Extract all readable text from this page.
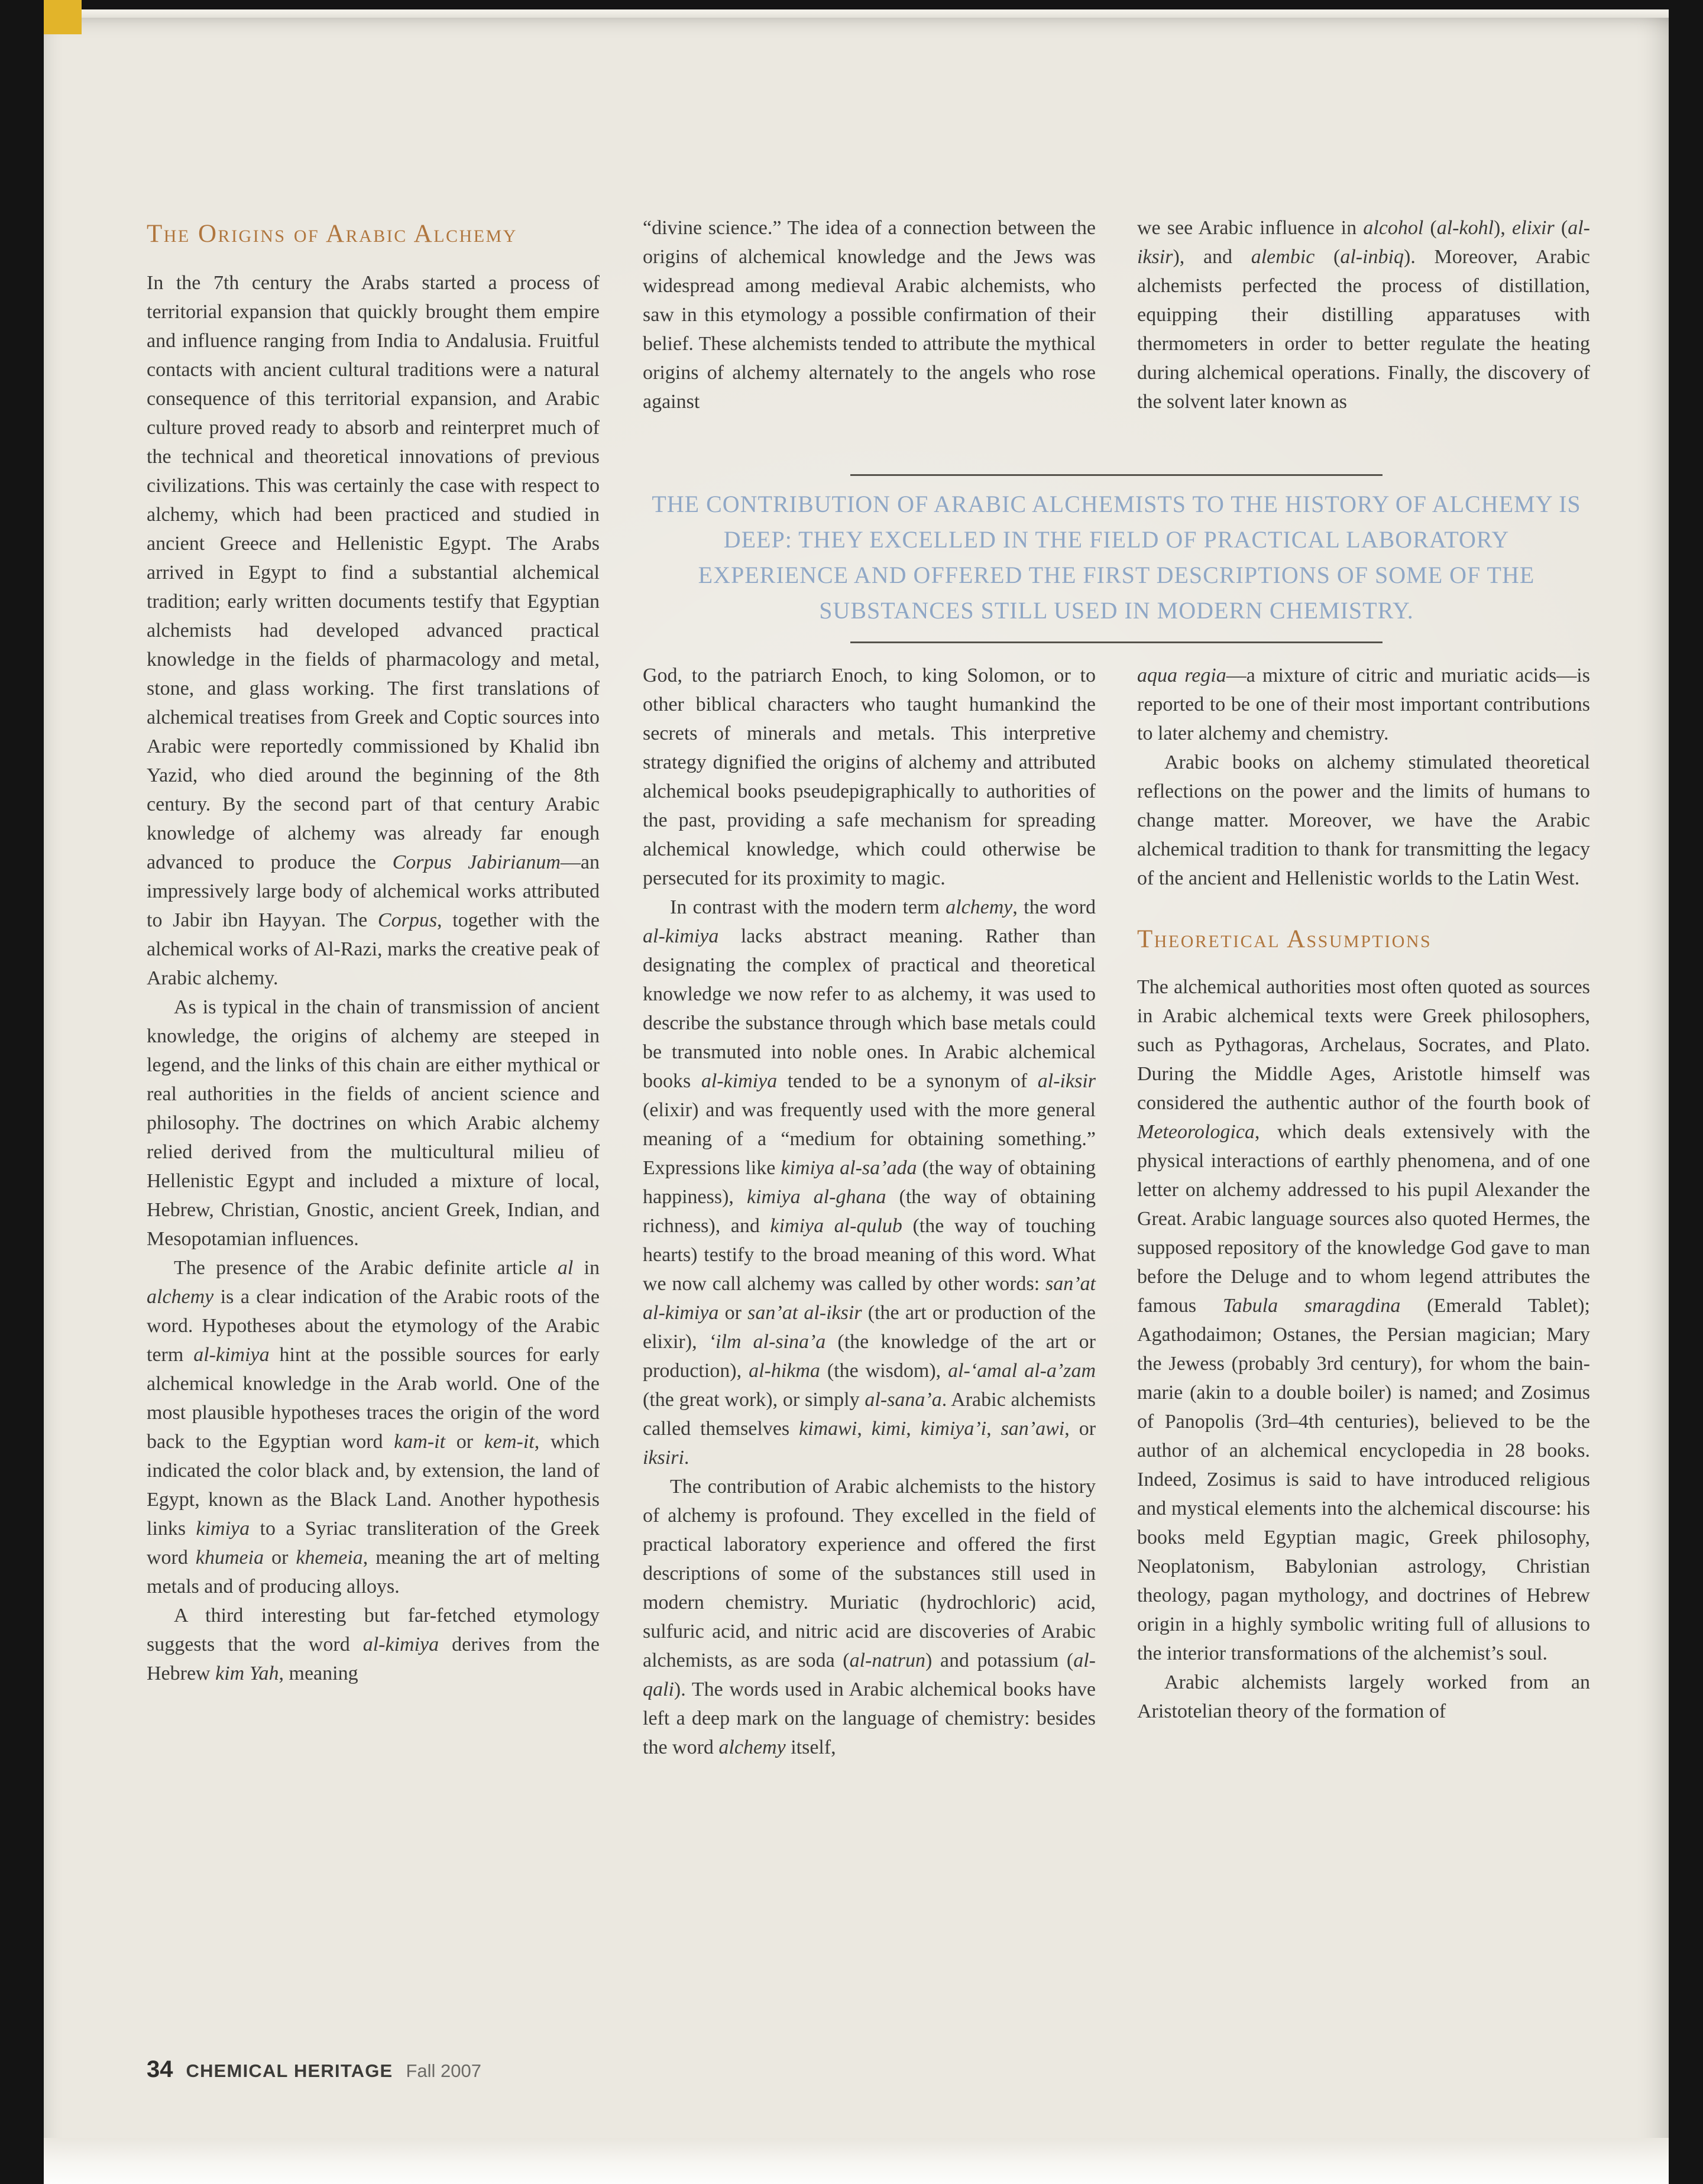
The Origins of Arabic Alchemy

In the 7th century the Arabs started a process of territorial expansion that quickly brought them empire and influence ranging from India to Andalusia. Fruitful contacts with ancient cultural traditions were a natural consequence of this territorial expansion, and Arabic culture proved ready to absorb and reinterpret much of the technical and theoretical innovations of previous civilizations. This was certainly the case with respect to alchemy, which had been practiced and studied in ancient Greece and Hellenistic Egypt. The Arabs arrived in Egypt to find a substantial alchemical tradition; early written documents testify that Egyptian alchemists had developed advanced practical knowledge in the fields of pharmacology and metal, stone, and glass working. The first translations of alchemical treatises from Greek and Coptic sources into Arabic were reportedly commissioned by Khalid ibn Yazid, who died around the beginning of the 8th century. By the second part of that century Arabic knowledge of alchemy was already far enough advanced to produce the Corpus Jabirianum—an impressively large body of alchemical works attributed to Jabir ibn Hayyan. The Corpus, together with the alchemical works of Al-Razi, marks the creative peak of Arabic alchemy.

As is typical in the chain of transmission of ancient knowledge, the origins of alchemy are steeped in legend, and the links of this chain are either mythical or real authorities in the fields of ancient science and philosophy. The doctrines on which Arabic alchemy relied derived from the multicultural milieu of Hellenistic Egypt and included a mixture of local, Hebrew, Christian, Gnostic, ancient Greek, Indian, and Mesopotamian influences.

The presence of the Arabic definite article al in alchemy is a clear indication of the Arabic roots of the word. Hypotheses about the etymology of the Arabic term al-kimiya hint at the possible sources for early alchemical knowledge in the Arab world. One of the most plausible hypotheses traces the origin of the word back to the Egyptian word kam-it or kem-it, which indicated the color black and, by extension, the land of Egypt, known as the Black Land. Another hypothesis links kimiya to a Syriac transliteration of the Greek word khumeia or khemeia, meaning the art of melting metals and of producing alloys.

A third interesting but far-fetched etymology suggests that the word al-kimiya derives from the Hebrew kim Yah, meaning

“divine science.” The idea of a connection between the origins of alchemical knowledge and the Jews was widespread among medieval Arabic alchemists, who saw in this etymology a possible confirmation of their belief. These alchemists tended to attribute the mythical origins of alchemy alternately to the angels who rose against

we see Arabic influence in alcohol (al-kohl), elixir (al-iksir), and alembic (al-inbiq). Moreover, Arabic alchemists perfected the process of distillation, equipping their distilling apparatuses with thermometers in order to better regulate the heating during alchemical operations. Finally, the discovery of the solvent later known as

THE CONTRIBUTION OF ARABIC ALCHEMISTS TO THE HISTORY OF ALCHEMY IS DEEP: THEY EXCELLED IN THE FIELD OF PRACTICAL LABORATORY EXPERIENCE AND OFFERED THE FIRST DESCRIPTIONS OF SOME OF THE SUBSTANCES STILL USED IN MODERN CHEMISTRY.

God, to the patriarch Enoch, to king Solomon, or to other biblical characters who taught humankind the secrets of minerals and metals. This interpretive strategy dignified the origins of alchemy and attributed alchemical books pseudepigraphically to authorities of the past, providing a safe mechanism for spreading alchemical knowledge, which could otherwise be persecuted for its proximity to magic.

In contrast with the modern term alchemy, the word al-kimiya lacks abstract meaning. Rather than designating the complex of practical and theoretical knowledge we now refer to as alchemy, it was used to describe the substance through which base metals could be transmuted into noble ones. In Arabic alchemical books al-kimiya tended to be a synonym of al-iksir (elixir) and was frequently used with the more general meaning of a “medium for obtaining something.” Expressions like kimiya al-sa’ada (the way of obtaining happiness), kimiya al-ghana (the way of obtaining richness), and kimiya al-qulub (the way of touching hearts) testify to the broad meaning of this word. What we now call alchemy was called by other words: san’at al-kimiya or san’at al-iksir (the art or production of the elixir), ‘ilm al-sina’a (the knowledge of the art or production), al-hikma (the wisdom), al-‘amal al-a’zam (the great work), or simply al-sana’a. Arabic alchemists called themselves kimawi, kimi, kimiya’i, san’awi, or iksiri.

The contribution of Arabic alchemists to the history of alchemy is profound. They excelled in the field of practical laboratory experience and offered the first descriptions of some of the substances still used in modern chemistry. Muriatic (hydrochloric) acid, sulfuric acid, and nitric acid are discoveries of Arabic alchemists, as are soda (al-natrun) and potassium (al-qali). The words used in Arabic alchemical books have left a deep mark on the language of chemistry: besides the word alchemy itself,

aqua regia—a mixture of citric and muriatic acids—is reported to be one of their most important contributions to later alchemy and chemistry.

Arabic books on alchemy stimulated theoretical reflections on the power and the limits of humans to change matter. Moreover, we have the Arabic alchemical tradition to thank for transmitting the legacy of the ancient and Hellenistic worlds to the Latin West.

Theoretical Assumptions

The alchemical authorities most often quoted as sources in Arabic alchemical texts were Greek philosophers, such as Pythagoras, Archelaus, Socrates, and Plato. During the Middle Ages, Aristotle himself was considered the authentic author of the fourth book of Meteorologica, which deals extensively with the physical interactions of earthly phenomena, and of one letter on alchemy addressed to his pupil Alexander the Great. Arabic language sources also quoted Hermes, the supposed repository of the knowledge God gave to man before the Deluge and to whom legend attributes the famous Tabula smaragdina (Emerald Tablet); Agathodaimon; Ostanes, the Persian magician; Mary the Jewess (probably 3rd century), for whom the bain-marie (akin to a double boiler) is named; and Zosimus of Panopolis (3rd–4th centuries), believed to be the author of an alchemical encyclopedia in 28 books. Indeed, Zosimus is said to have introduced religious and mystical elements into the alchemical discourse: his books meld Egyptian magic, Greek philosophy, Neoplatonism, Babylonian astrology, Christian theology, pagan mythology, and doctrines of Hebrew origin in a highly symbolic writing full of allusions to the interior transformations of the alchemist’s soul.

Arabic alchemists largely worked from an Aristotelian theory of the formation of

34 CHEMICAL HERITAGE Fall 2007
